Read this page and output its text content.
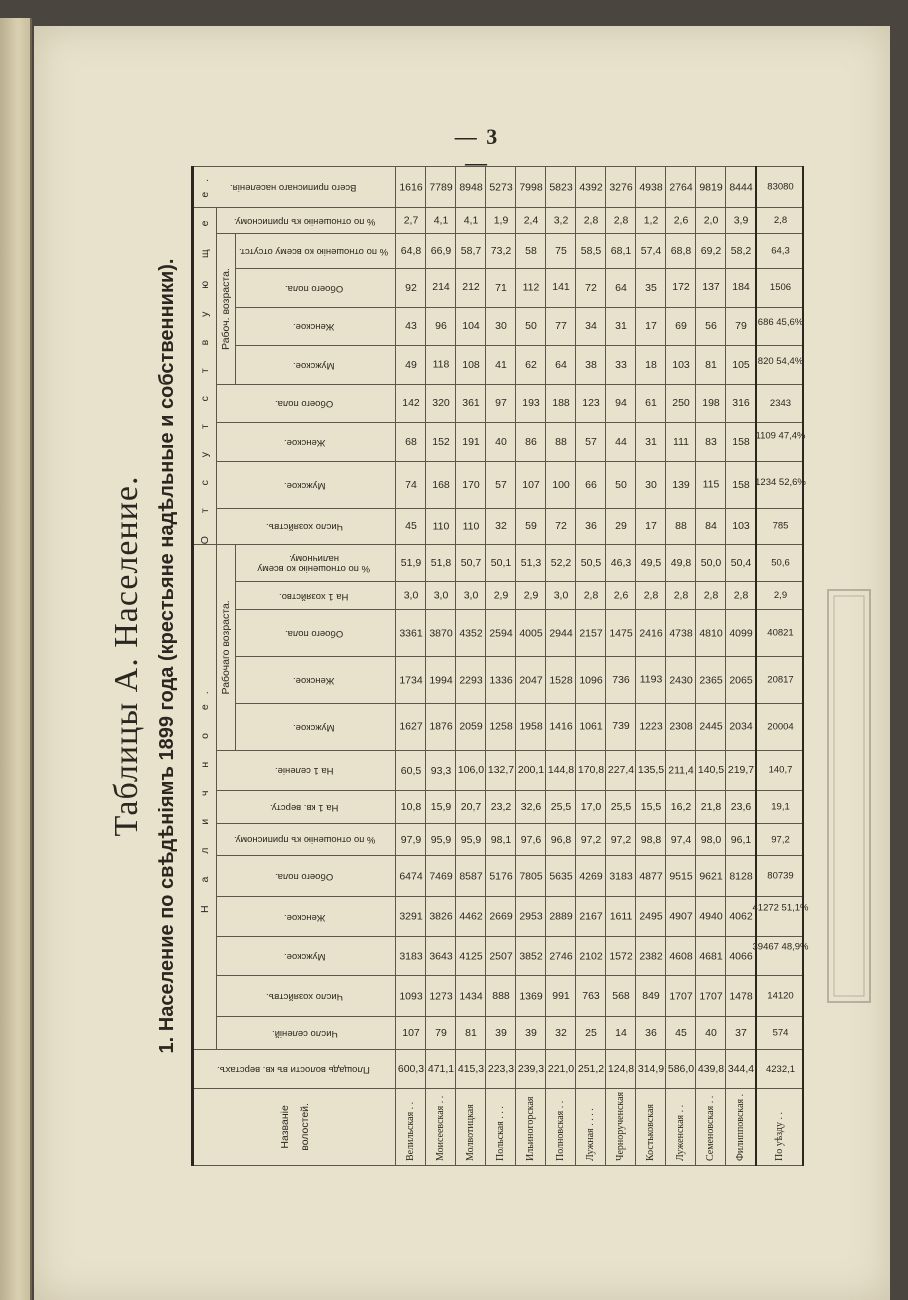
— 3 —
Таблицы А. Население. 1. Население по свѣдѣніямъ 1899 года (крестьяне надѣльные и собственники).
Названіе волостей.	Площадь волости въ кв. верстахъ.	Н а л и ч н о е.													О т с у т с т в у ю щ е е.									Всего приписнаго населенія.
		Число селеній.	Число хозяйствъ.	Мужское.	Женское.	Обоего пола.	% по отношенію къ приписному.	На 1 кв. версту.	На 1 селеніе.	Рабочаго возраста.					Число хозяйствъ.	Мужское.	Женское.	Обоего пола.	Рабоч. возраста.				% по отношенію къ приписному.	
										Мужское.	Женское.	Обоего пола.	На 1 хозяйство.	% по отношенію ко всему наличному.					Мужское.	Женское.	Обоего пола.	% по отношенію ко всему отсутст.		
Велильская . .	600,3	107	1093	3183	3291	6474	97,9	10,8	60,5	1627	1734	3361	3,0	51,9	45	74	68	142	49	43	92	64,8	2,7	1616
Моисеевская . .	471,1	79	1273	3643	3826	7469	95,9	15,9	93,3	1876	1994	3870	3,0	51,8	110	168	152	320	118	96	214	66,9	4,1	7789
Молвотицкая	415,3	81	1434	4125	4462	8587	95,9	20,7	106,0	2059	2293	4352	3,0	50,7	110	170	191	361	108	104	212	58,7	4,1	8948
Польская . . .	223,3	39	888	2507	2669	5176	98,1	23,2	132,7	1258	1336	2594	2,9	50,1	32	57	40	97	41	30	71	73,2	1,9	5273
Ильиногорская	239,3	39	1369	3852	2953	7805	97,6	32,6	200,1	1958	2047	4005	2,9	51,3	59	107	86	193	62	50	112	58	2,4	7998
Полновская . .	221,0	32	991	2746	2889	5635	96,8	25,5	144,8	1416	1528	2944	3,0	52,2	72	100	88	188	64	77	141	75	3,2	5823
Лужная . . . .	251,2	25	763	2102	2167	4269	97,2	17,0	170,8	1061	1096	2157	2,8	50,5	36	66	57	123	38	34	72	58,5	2,8	4392
Чернорученская	124,8	14	568	1572	1611	3183	97,2	25,5	227,4	739	736	1475	2,6	46,3	29	50	44	94	33	31	64	68,1	2,8	3276
Костьковская	314,9	36	849	2382	2495	4877	98,8	15,5	135,5	1223	1193	2416	2,8	49,5	17	30	31	61	18	17	35	57,4	1,2	4938
Луженская . .	586,0	45	1707	4608	4907	9515	97,4	16,2	211,4	2308	2430	4738	2,8	49,8	88	139	111	250	103	69	172	68,8	2,6	2764
Семеновская . .	439,8	40	1707	4681	4940	9621	98,0	21,8	140,5	2445	2365	4810	2,8	50,0	84	115	83	198	81	56	137	69,2	2,0	9819
Филипповская .	344,4	37	1478	4066	4062	8128	96,1	23,6	219,7	2034	2065	4099	2,8	50,4	103	158	158	316	105	79	184	58,2	3,9	8444
По уѣзду . .	4232,1	574	14120	39467 48,9%	41272 51,1%	80739	97,2	19,1	140,7	20004	20817	40821	2,9	50,6	785	1234 52,6%	1109 47,4%	2343	820 54,4%	686 45,6%	1506	64,3	2,8	83080
